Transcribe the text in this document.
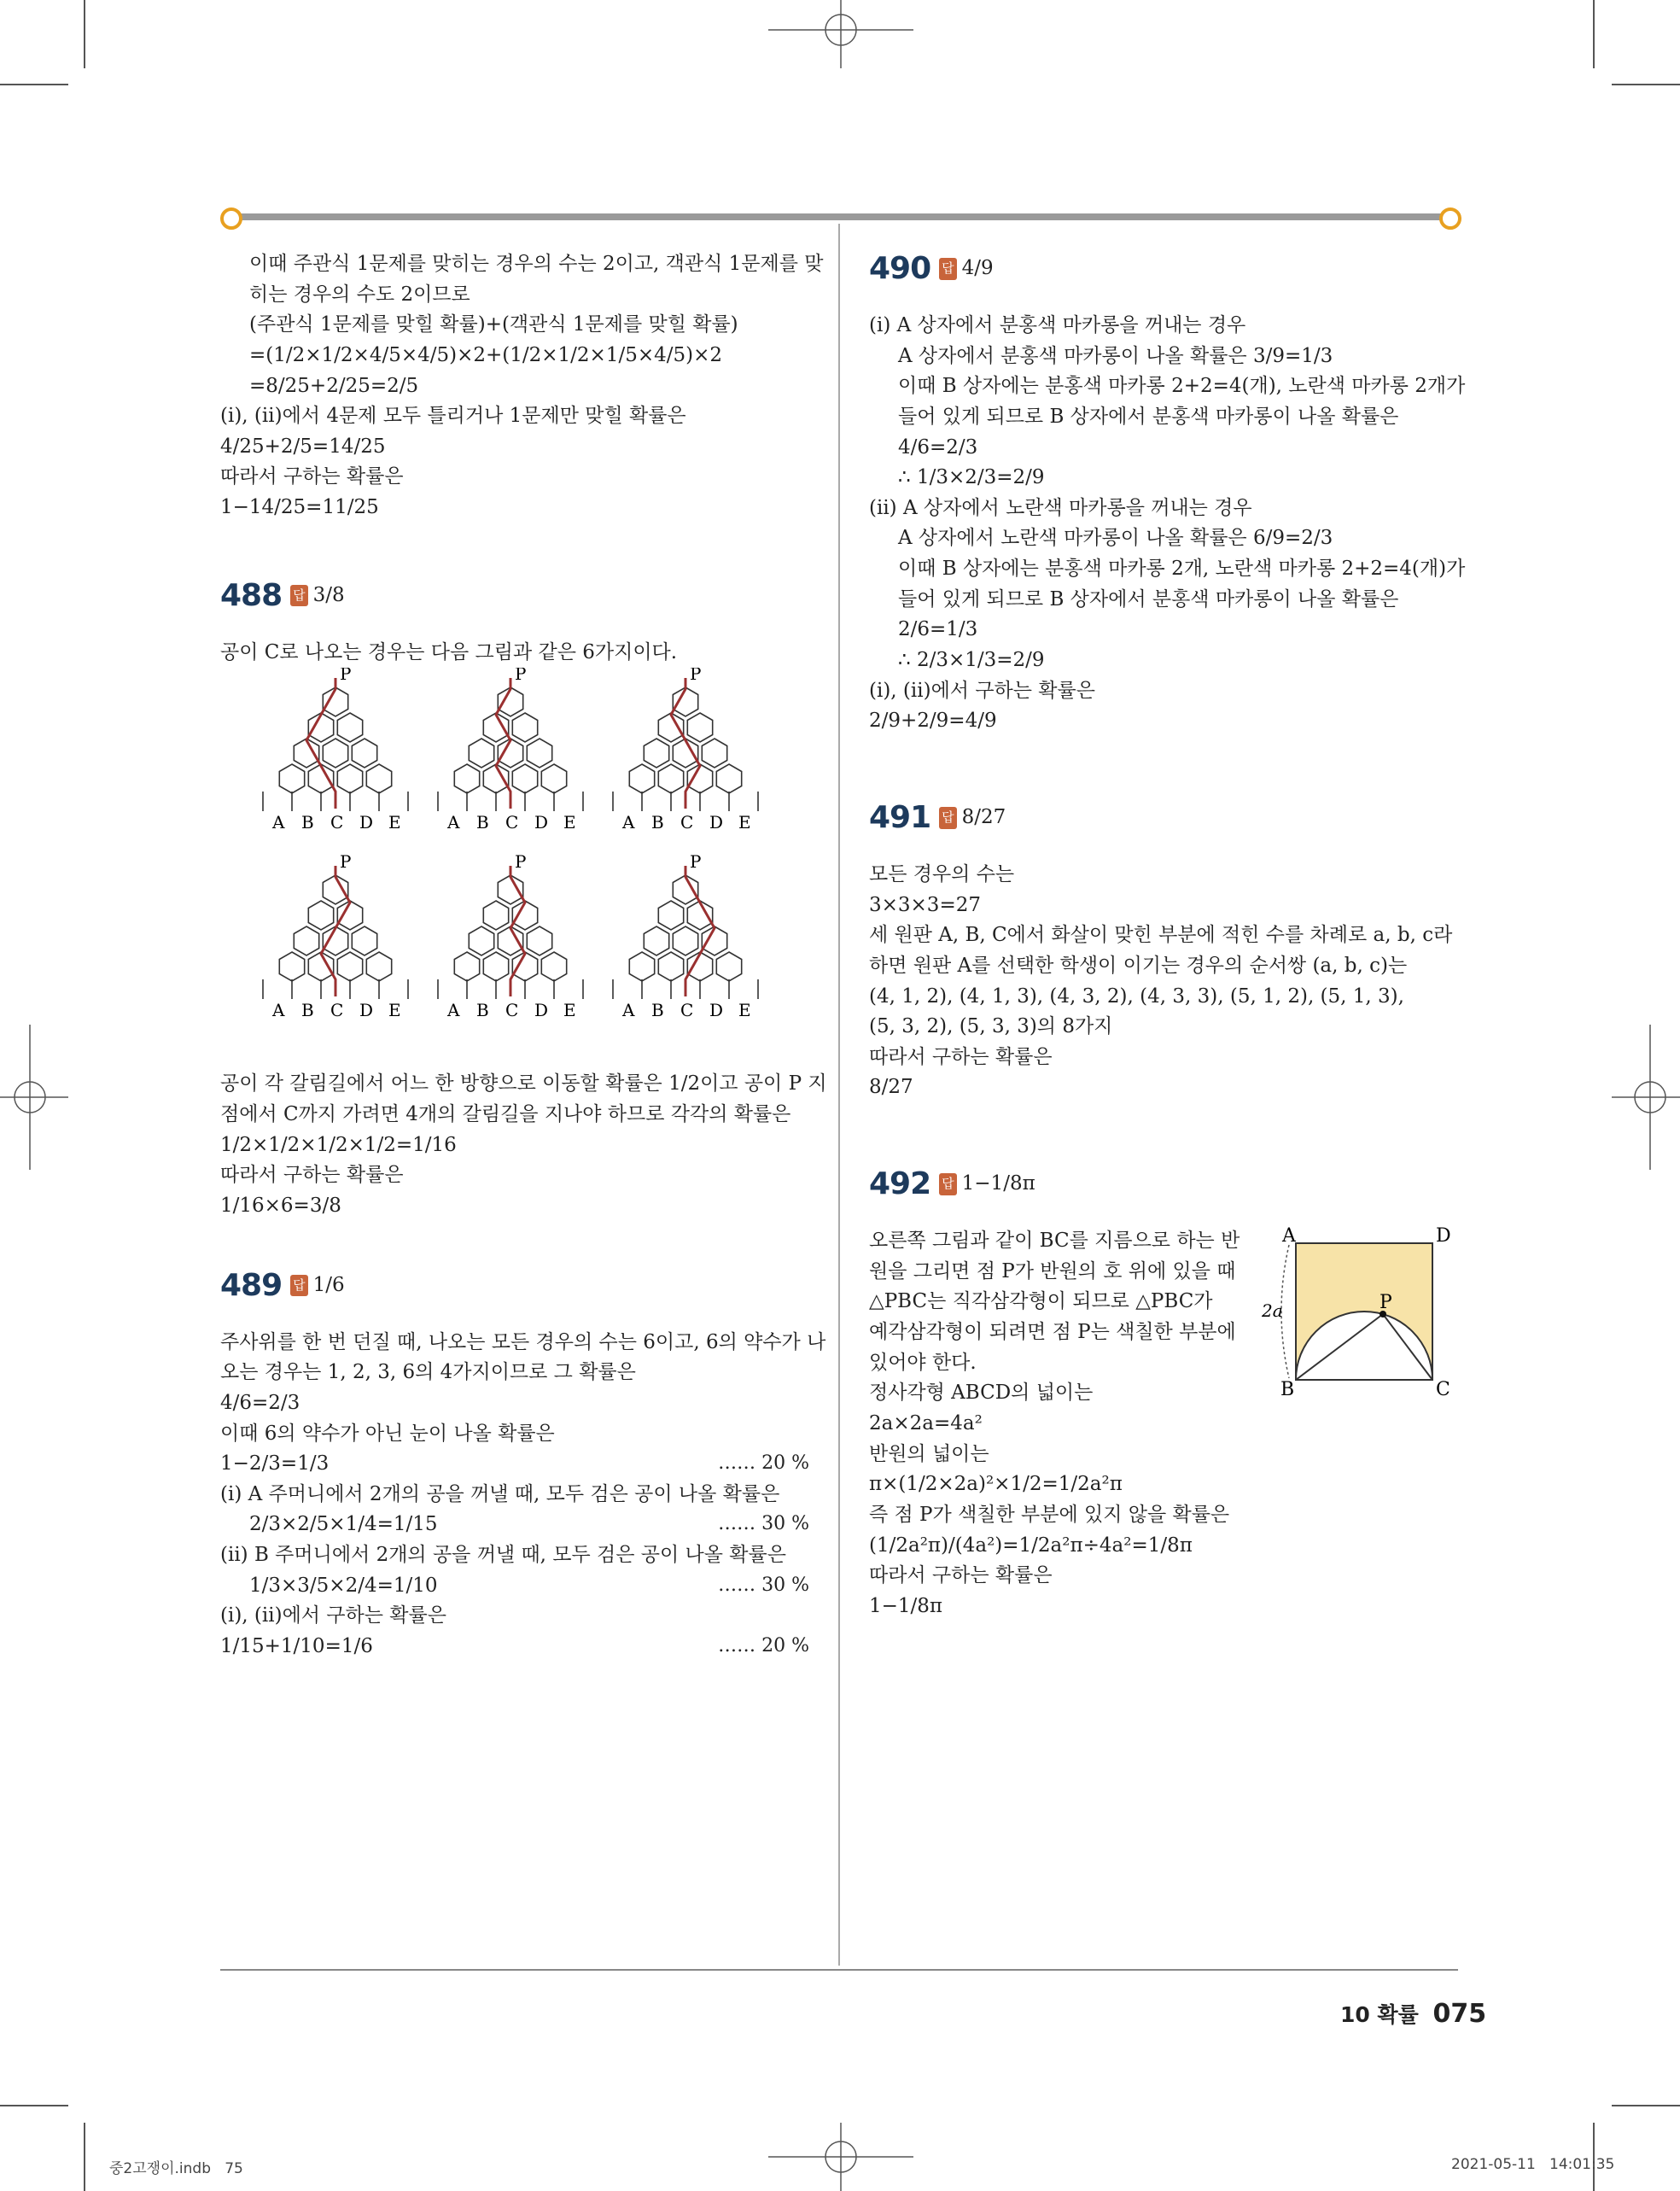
이때 주관식 1문제를 맞히는 경우의 수는 2이고, 객관식 1문제를 맞

히는 경우의 수도 2이므로

(주관식 1문제를 맞힐 확률)+(객관식 1문제를 맞힐 확률)

=(1/2×1/2×4/5×4/5)×2+(1/2×1/2×1/5×4/5)×2

=8/25+2/25=2/5

(ⅰ), (ⅱ)에서 4문제 모두 틀리거나 1문제만 맞힐 확률은

4/25+2/5=14/25

따라서 구하는 확률은

1−14/25=11/25

488 답 3/8

공이 C로 나오는 경우는 다음 그림과 같은 6가지이다.

P
A B C D E
P
A B C D E
P
A B C D E
P
A B C D E
P
A B C D E
P
A B C D E

공이 각 갈림길에서 어느 한 방향으로 이동할 확률은 1/2이고 공이 P 지

점에서 C까지 가려면 4개의 갈림길을 지나야 하므로 각각의 확률은

1/2×1/2×1/2×1/2=1/16

따라서 구하는 확률은

1/16×6=3/8

489 답 1/6

주사위를 한 번 던질 때, 나오는 모든 경우의 수는 6이고, 6의 약수가 나

오는 경우는 1, 2, 3, 6의 4가지이므로 그 확률은

4/6=2/3

이때 6의 약수가 아닌 눈이 나올 확률은

1−2/3=1/3	…… 20 %

(ⅰ) A 주머니에서 2개의 공을 꺼낼 때, 모두 검은 공이 나올 확률은

2/3×2/5×1/4=1/15	…… 30 %

(ⅱ) B 주머니에서 2개의 공을 꺼낼 때, 모두 검은 공이 나올 확률은

1/3×3/5×2/4=1/10	…… 30 %

(ⅰ), (ⅱ)에서 구하는 확률은

1/15+1/10=1/6	…… 20 %

490 답 4/9

(ⅰ) A 상자에서 분홍색 마카롱을 꺼내는 경우

A 상자에서 분홍색 마카롱이 나올 확률은 3/9=1/3

이때 B 상자에는 분홍색 마카롱 2+2=4(개), 노란색 마카롱 2개가

들어 있게 되므로 B 상자에서 분홍색 마카롱이 나올 확률은

4/6=2/3

∴ 1/3×2/3=2/9

(ⅱ) A 상자에서 노란색 마카롱을 꺼내는 경우

A 상자에서 노란색 마카롱이 나올 확률은 6/9=2/3

이때 B 상자에는 분홍색 마카롱 2개, 노란색 마카롱 2+2=4(개)가

들어 있게 되므로 B 상자에서 분홍색 마카롱이 나올 확률은

2/6=1/3

∴ 2/3×1/3=2/9

(ⅰ), (ⅱ)에서 구하는 확률은

2/9+2/9=4/9

491 답 8/27

모든 경우의 수는

3×3×3=27

세 원판 A, B, C에서 화살이 맞힌 부분에 적힌 수를 차례로 a, b, c라

하면 원판 A를 선택한 학생이 이기는 경우의 순서쌍 (a, b, c)는

(4, 1, 2), (4, 1, 3), (4, 3, 2), (4, 3, 3), (5, 1, 2), (5, 1, 3),

(5, 3, 2), (5, 3, 3)의 8가지

따라서 구하는 확률은

8/27

492 답 1−1/8π

오른쪽 그림과 같이 BC를 지름으로 하는 반

원을 그리면 점 P가 반원의 호 위에 있을 때

△PBC는 직각삼각형이 되므로 △PBC가

예각삼각형이 되려면 점 P는 색칠한 부분에

있어야 한다.

정사각형 ABCD의 넓이는

2a×2a=4a²

반원의 넓이는

π×(1/2×2a)²×1/2=1/2a²π

즉 점 P가 색칠한 부분에 있지 않을 확률은

(1/2a²π)/(4a²)=1/2a²π÷4a²=1/8π

따라서 구하는 확률은

1−1/8π

A	D
B	C
P
2a
10 확률 075
중2고쟁이.indb   75	2021-05-11   14:01:35
